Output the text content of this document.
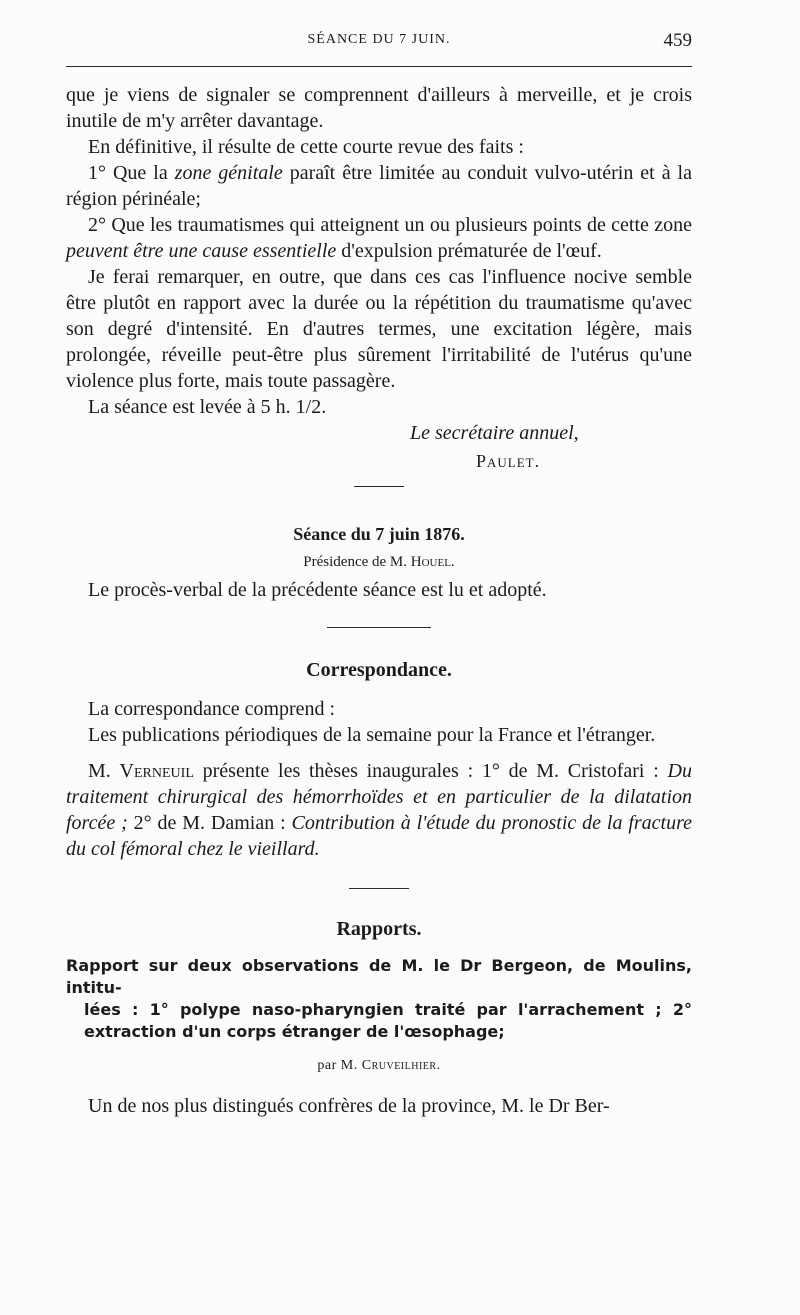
SÉANCE DU 7 JUIN.	459

que je viens de signaler se comprennent d'ailleurs à merveille, et je crois inutile de m'y arrêter davantage.

En définitive, il résulte de cette courte revue des faits :

1° Que la zone génitale paraît être limitée au conduit vulvo-utérin et à la région périnéale;

2° Que les traumatismes qui atteignent un ou plusieurs points de cette zone peuvent être une cause essentielle d'expulsion prématurée de l'œuf.

Je ferai remarquer, en outre, que dans ces cas l'influence nocive semble être plutôt en rapport avec la durée ou la répétition du traumatisme qu'avec son degré d'intensité. En d'autres termes, une excitation légère, mais prolongée, réveille peut-être plus sûrement l'irritabilité de l'utérus qu'une violence plus forte, mais toute passagère.

La séance est levée à 5 h. 1/2.

Le secrétaire annuel,

Paulet.

Séance du 7 juin 1876.

Présidence de M. Houel.

Le procès-verbal de la précédente séance est lu et adopté.

Correspondance.

La correspondance comprend :

Les publications périodiques de la semaine pour la France et l'étranger.

M. Verneuil présente les thèses inaugurales : 1° de M. Cristofari : Du traitement chirurgical des hémorrhoïdes et en particulier de la dilatation forcée ; 2° de M. Damian : Contribution à l'étude du pronostic de la fracture du col fémoral chez le vieillard.

Rapports.

Rapport sur deux observations de M. le Dr Bergeon, de Moulins, intitu-
lées : 1° polype naso-pharyngien traité par l'arrachement ; 2° extraction d'un corps étranger de l'œsophage;

par M. Cruveilhier.

Un de nos plus distingués confrères de la province, M. le Dr Ber-
